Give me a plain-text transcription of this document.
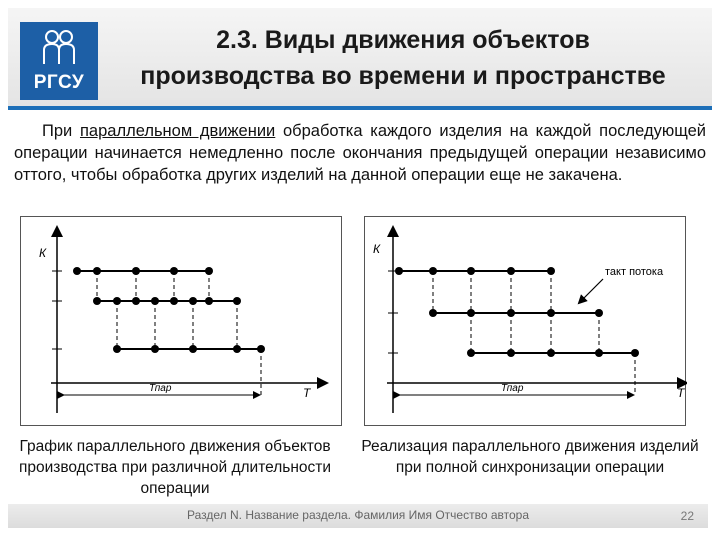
РГСУ
2.3. Виды движения объектов
производства во времени и пространстве
При параллельном движении обработка каждого изделия на каждой последующей операции начинается немедленно после окончания предыдущей операции независимо оттого, чтобы обработка других изделий на данной операции еще не закачена.
К
Т
Тпар
К
Т
такт потока
Тпар
График параллельного движения объектов производства при различной длительности операции
Реализация параллельного движения изделий при полной синхронизации операции
Раздел N. Название раздела. Фамилия Имя Отчество автора	22
